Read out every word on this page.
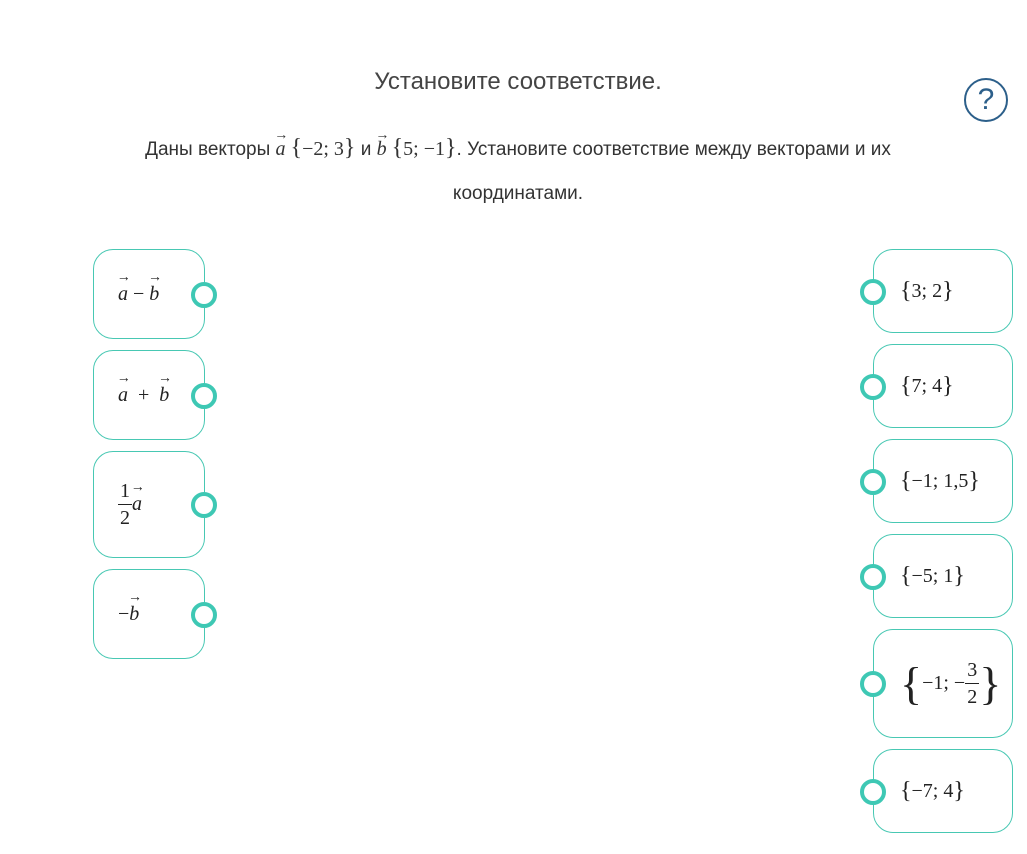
Установите соответствие.
?
Даны векторы → a {−2; 3} и → b {5; −1}. Установите соответствие между векторами и их координатами.
→ a
−

→ b
→ a
+

→ b
$\frac{1}{2}$
→ a
−
→ b
{ 3; 2 }
{ 7; 4 }
{ −1; 1,5 }
{ −5; 1 }
{ −1; − $\frac{3}{2}$ }
{ −7; 4 }
